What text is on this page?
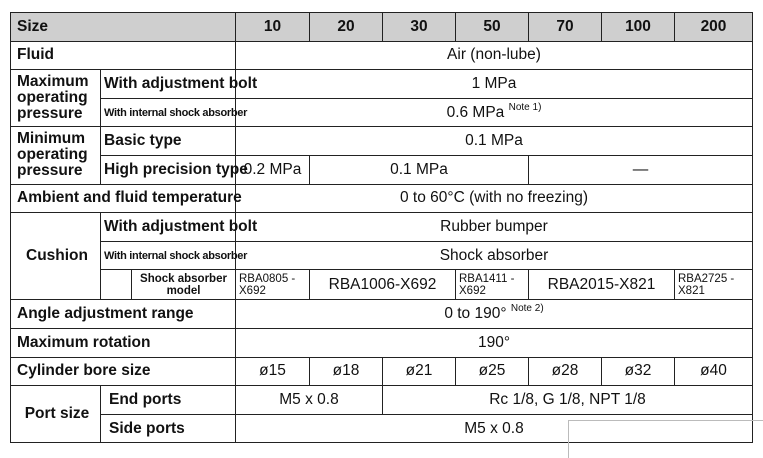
Size			10	20	30	50	70	100	200
Fluid			Air (non-lube)						
Maximum operating pressure	With adjustment bolt		1 MPa						
	With internal shock absorber		0.6 MPa $^{Note 1)}$
Minimum operating pressure	Basic type		0.1 MPa						
	High precision type		0.2 MPa	0.1 MPa			—		
Ambient and fluid temperature			0 to 60°C (with no freezing)						
Cushion	With adjustment bolt		Rubber bumper						
	With internal shock absorber		Shock absorber						
		Shock absorber model	RBA0805 -X692	RBA1006-X692		RBA1411 -X692	RBA2015-X821		RBA2725 -X821
Angle adjustment range			0 to 190° $^{Note 2)}$
Maximum rotation			190°						
Cylinder bore size			ø15	ø18	ø21	ø25	ø28	ø32	ø40
Port size	End ports		M5 x 0.8		Rc 1/8, G 1/8, NPT 1/8				
	Side ports		M5 x 0.8						
